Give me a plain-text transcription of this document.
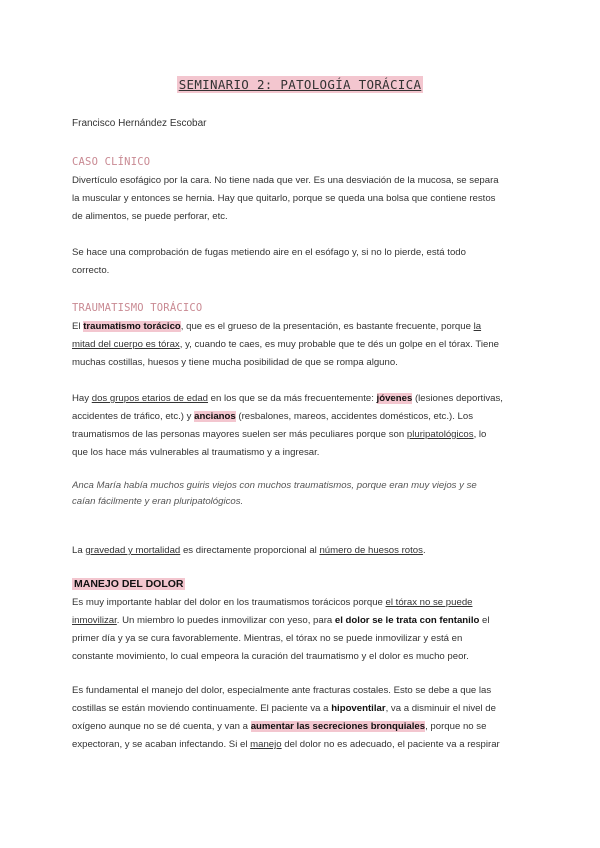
SEMINARIO 2: PATOLOGÍA TORÁCICA
Francisco Hernández Escobar
CASO CLÍNICO
Divertículo esofágico por la cara. No tiene nada que ver. Es una desviación de la mucosa, se separa
la muscular y entonces se hernia. Hay que quitarlo, porque se queda una bolsa que contiene restos
de alimentos, se puede perforar, etc.
Se hace una comprobación de fugas metiendo aire en el esófago y, si no lo pierde, está todo
correcto.
TRAUMATISMO TORÁCICO
El traumatismo torácico, que es el grueso de la presentación, es bastante frecuente, porque la
mitad del cuerpo es tórax, y, cuando te caes, es muy probable que te dés un golpe en el tórax. Tiene
muchas costillas, huesos y tiene mucha posibilidad de que se rompa alguno.
Hay dos grupos etarios de edad en los que se da más frecuentemente: jóvenes (lesiones deportivas,
accidentes de tráfico, etc.) y ancianos (resbalones, mareos, accidentes domésticos, etc.). Los
traumatismos de las personas mayores suelen ser más peculiares porque son pluripatológicos, lo
que los hace más vulnerables al traumatismo y a ingresar.
Anca María había muchos guiris viejos con muchos traumatismos, porque eran muy viejos y se
caían fácilmente y eran pluripatológicos.
La gravedad y mortalidad es directamente proporcional al número de huesos rotos.
MANEJO DEL DOLOR
Es muy importante hablar del dolor en los traumatismos torácicos porque el tórax no se puede
inmovilizar. Un miembro lo puedes inmovilizar con yeso, para el dolor se le trata con fentanilo el
primer día y ya se cura favorablemente. Mientras, el tórax no se puede inmovilizar y está en
constante movimiento, lo cual empeora la curación del traumatismo y el dolor es mucho peor.
Es fundamental el manejo del dolor, especialmente ante fracturas costales. Esto se debe a que las
costillas se están moviendo continuamente. El paciente va a hipoventilar, va a disminuir el nivel de
oxígeno aunque no se dé cuenta, y van a aumentar las secreciones bronquiales, porque no se
expectoran, y se acaban infectando. Si el manejo del dolor no es adecuado, el paciente va a respirar
